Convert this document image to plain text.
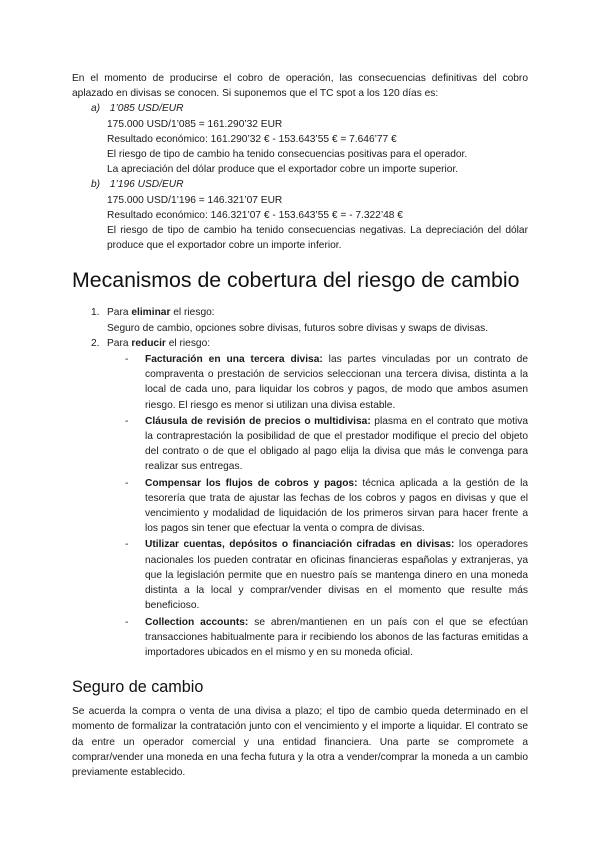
En el momento de producirse el cobro de operación, las consecuencias definitivas del cobro aplazado en divisas se conocen. Si suponemos que el TC spot a los 120 días es:

a) 1’085 USD/EUR

175.000 USD/1’085 = 161.290’32 EUR

Resultado económico: 161.290’32 € - 153.643’55 € = 7.646’77 €

El riesgo de tipo de cambio ha tenido consecuencias positivas para el operador.

La apreciación del dólar produce que el exportador cobre un importe superior.

b) 1’196 USD/EUR

175.000 USD/1’196 = 146.321’07 EUR

Resultado económico: 146.321’07 € - 153.643’55 € = - 7.322’48 €

El riesgo de tipo de cambio ha tenido consecuencias negativas. La depreciación del dólar produce que el exportador cobre un importe inferior.

Mecanismos de cobertura del riesgo de cambio
1. Para eliminar el riesgo:

Seguro de cambio, opciones sobre divisas, futuros sobre divisas y swaps de divisas.

2. Para reducir el riesgo:

- Facturación en una tercera divisa: las partes vinculadas por un contrato de compraventa o prestación de servicios seleccionan una tercera divisa, distinta a la local de cada uno, para liquidar los cobros y pagos, de modo que ambos asumen riesgo. El riesgo es menor si utilizan una divisa estable.
- Cláusula de revisión de precios o multidivisa: plasma en el contrato que motiva la contraprestación la posibilidad de que el prestador modifique el precio del objeto del contrato o de que el obligado al pago elija la divisa que más le convenga para realizar sus entregas.
- Compensar los flujos de cobros y pagos: técnica aplicada a la gestión de la tesorería que trata de ajustar las fechas de los cobros y pagos en divisas y que el vencimiento y modalidad de liquidación de los primeros sirvan para hacer frente a los pagos sin tener que efectuar la venta o compra de divisas.
- Utilizar cuentas, depósitos o financiación cifradas en divisas: los operadores nacionales los pueden contratar en oficinas financieras españolas y extranjeras, ya que la legislación permite que en nuestro país se mantenga dinero en una moneda distinta a la local y comprar/vender divisas en el momento que resulte más beneficioso.
- Collection accounts: se abren/mantienen en un país con el que se efectúan transacciones habitualmente para ir recibiendo los abonos de las facturas emitidas a importadores ubicados en el mismo y en su moneda oficial.
Seguro de cambio

Se acuerda la compra o venta de una divisa a plazo; el tipo de cambio queda determinado en el momento de formalizar la contratación junto con el vencimiento y el importe a liquidar. El contrato se da entre un operador comercial y una entidad financiera. Una parte se compromete a comprar/vender una moneda en una fecha futura y la otra a vender/comprar la moneda a un cambio previamente establecido.
